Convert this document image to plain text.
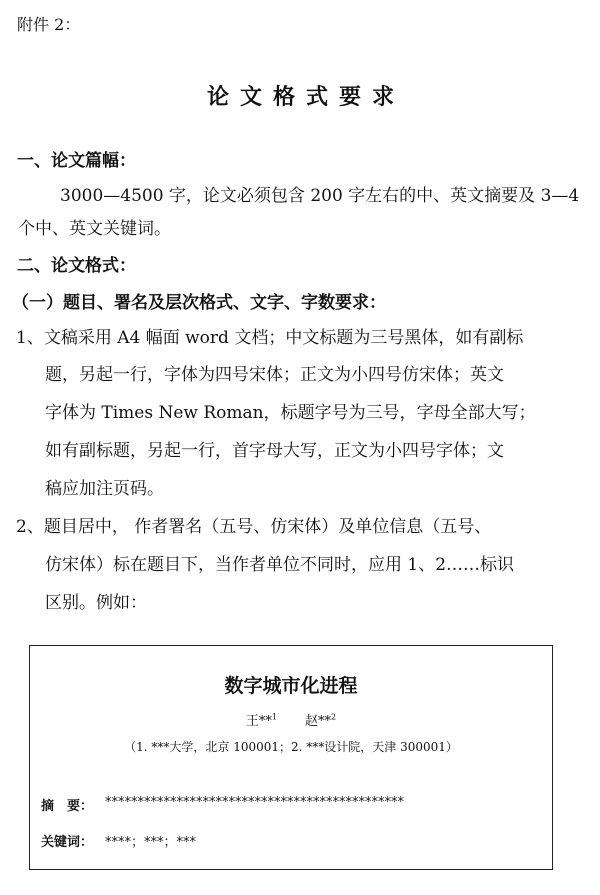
附件 2：
论文格式要求
一、论文篇幅：
3000—4500 字，论文必须包含 200 字左右的中、英文摘要及 3—4
个中、英文关键词。
二、论文格式：
（一）题目、署名及层次格式、文字、字数要求：
1、文稿采用 A4 幅面 word 文档；中文标题为三号黑体，如有副标
题，另起一行，字体为四号宋体；正文为小四号仿宋体；英文
字体为 Times New Roman，标题字号为三号，字母全部大写；
如有副标题，另起一行，首字母大写，正文为小四号字体；文
稿应加注页码。
2、题目居中， 作者署名（五号、仿宋体）及单位信息（五号、
仿宋体）标在题目下，当作者单位不同时，应用 1、2……标识
区别。例如：
数字城市化进程
王**$^1$ 赵**$^2$
（1. ***大学，北京 100001；2. ***设计院，天津 300001）
摘　要： **********************************************
关键词： ****；***；***
